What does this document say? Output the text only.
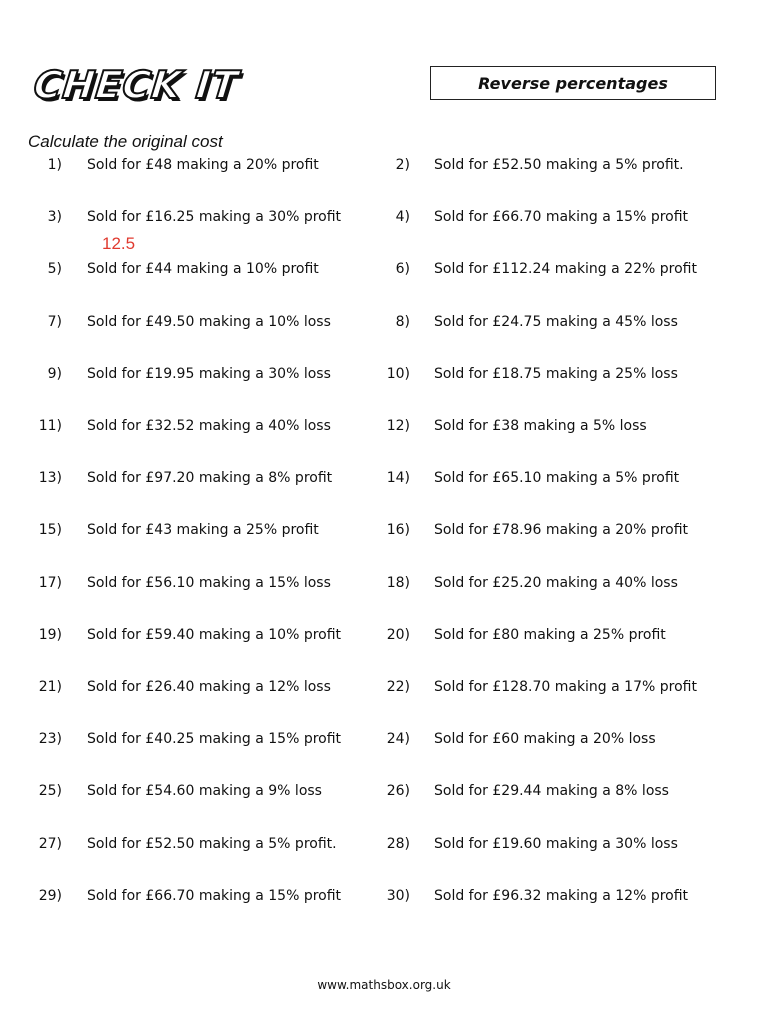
CHECK IT	Reverse percentages
Calculate the original cost
1) Sold for £48 making a 20% profit	2) Sold for £52.50 making a 5% profit.
3) Sold for £16.25 making a 30% profit	4) Sold for £66.70 making a 15% profit
5) Sold for £44 making a 10% profit	6) Sold for £112.24 making a 22% profit
7) Sold for £49.50 making a 10% loss	8) Sold for £24.75 making a 45% loss
9) Sold for £19.95 making a 30% loss	10) Sold for £18.75 making a 25% loss
11) Sold for £32.52 making a 40% loss	12) Sold for £38 making a 5% loss
13) Sold for £97.20 making a 8% profit	14) Sold for £65.10 making a 5% profit
15) Sold for £43 making a 25% profit	16) Sold for £78.96 making a 20% profit
17) Sold for £56.10 making a 15% loss	18) Sold for £25.20 making a 40% loss
19) Sold for £59.40 making a 10% profit	20) Sold for £80 making a 25% profit
21) Sold for £26.40 making a 12% loss	22) Sold for £128.70 making a 17% profit
23) Sold for £40.25 making a 15% profit	24) Sold for £60 making a 20% loss
25) Sold for £54.60 making a 9% loss	26) Sold for £29.44 making a 8% loss
27) Sold for £52.50 making a 5% profit.	28) Sold for £19.60 making a 30% loss
29) Sold for £66.70 making a 15% profit	30) Sold for £96.32 making a 12% profit
12.5
www.mathsbox.org.uk
